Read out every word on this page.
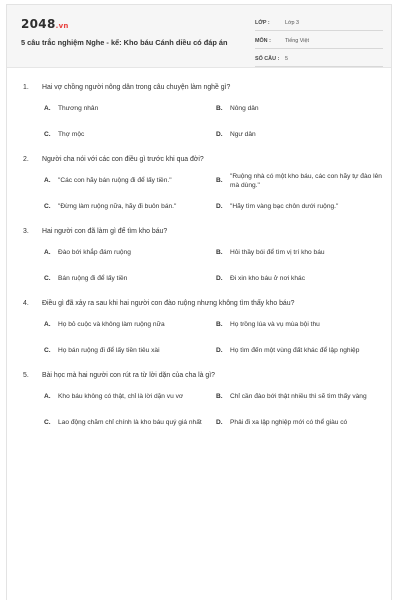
2048.vn
5 câu trắc nghiệm Nghe - kể: Kho báu Cánh diều có đáp án
LỚP :	Lớp 3
MÔN :	Tiếng Việt
SỐ CÂU :	5
1.	Hai vợ chồng người nông dân trong câu chuyện làm nghề gì?
A.	Thương nhân	B.	Nông dân
C.	Thợ mộc	D.	Ngư dân
2.	Người cha nói với các con điều gì trước khi qua đời?
A.	"Các con hãy bán ruộng đi để lấy tiền."	B.
"Ruộng nhà có một kho báu, các con hãy tự đào lên mà dùng."
C.	"Đừng làm ruộng nữa, hãy đi buôn bán."	D.	"Hãy tìm vàng bạc chôn dưới ruộng."
3.	Hai người con đã làm gì để tìm kho báu?
A.	Đào bới khắp đám ruộng	B.	Hỏi thầy bói để tìm vị trí kho báu
C.	Bán ruộng đi để lấy tiền	D.	Đi xin kho báu ở nơi khác
4.	Điều gì đã xảy ra sau khi hai người con đào ruộng nhưng không tìm thấy kho báu?
A.	Họ bỏ cuộc và không làm ruộng nữa	B.	Họ trồng lúa và vụ mùa bội thu
C.	Họ bán ruộng đi để lấy tiền tiêu xài	D.	Họ tìm đến một vùng đất khác để lập nghiệp
5.	Bài học mà hai người con rút ra từ lời dặn của cha là gì?
A.	Kho báu không có thật, chỉ là lời dặn vu vơ	B.	Chỉ cần đào bới thật nhiều thì sẽ tìm thấy vàng
C.	Lao động chăm chỉ chính là kho báu quý giá nhất	D.	Phải đi xa lập nghiệp mới có thể giàu có
